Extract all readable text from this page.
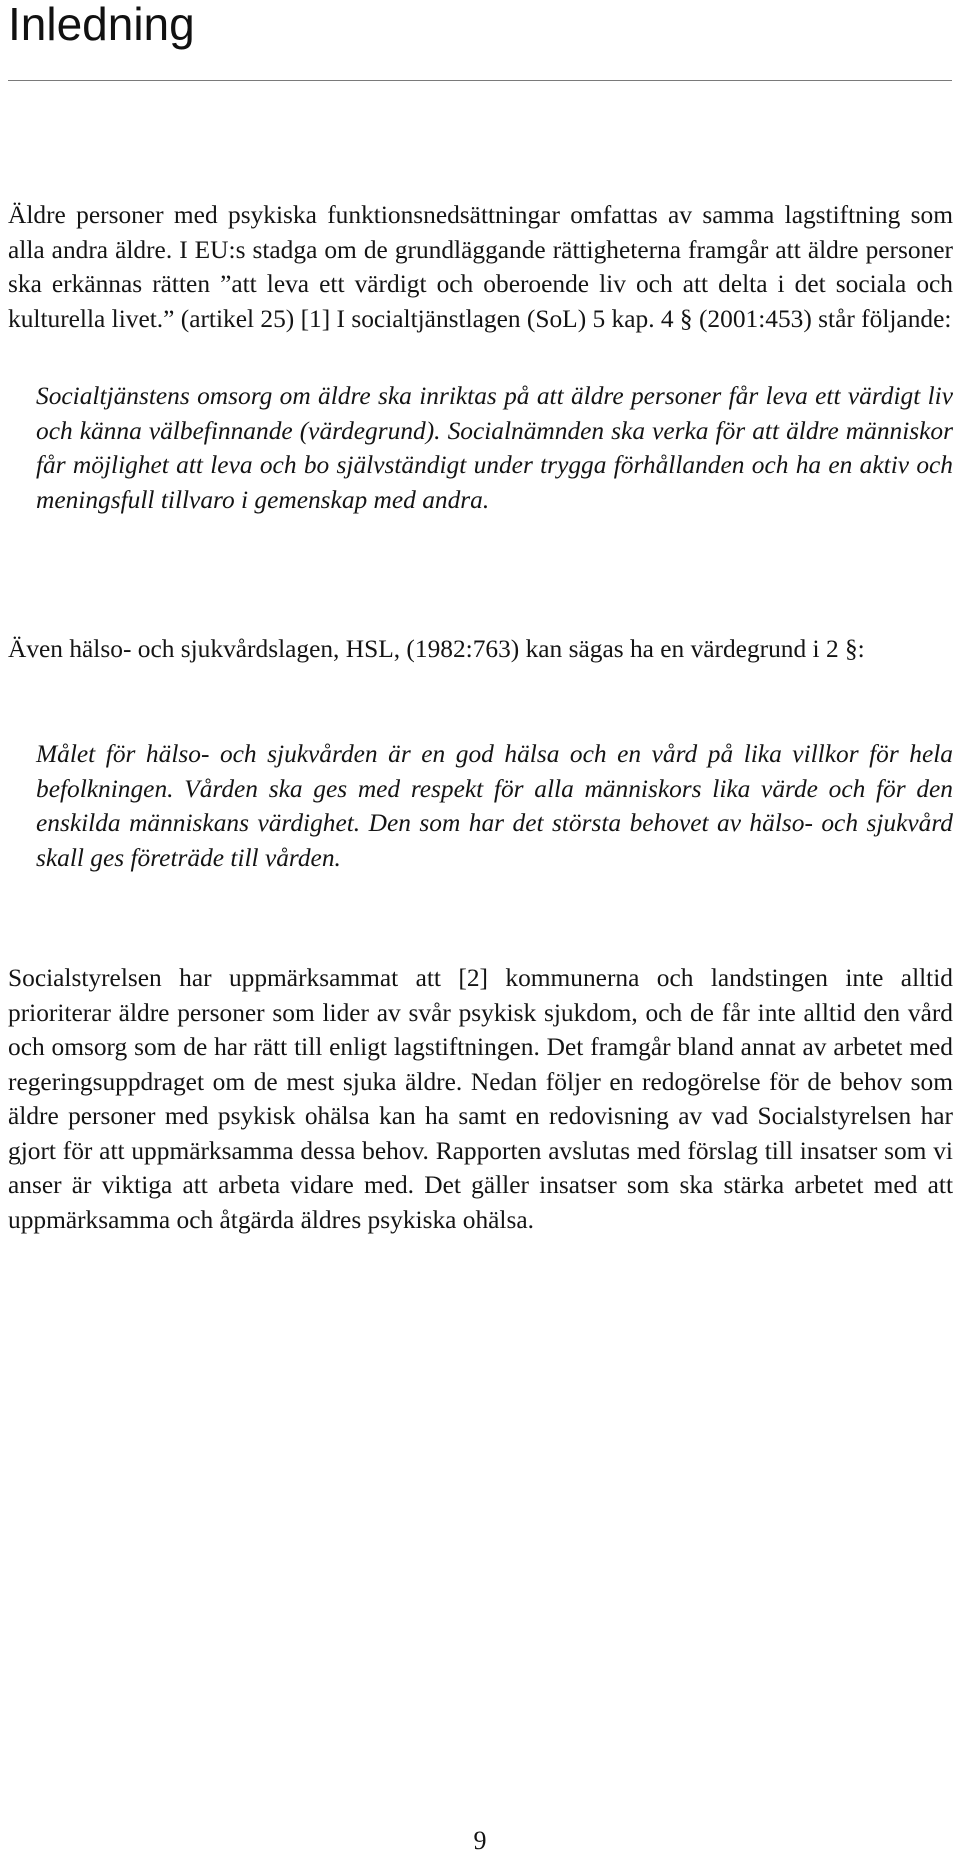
Inledning

Äldre personer med psykiska funktionsnedsättningar omfattas av samma lagstiftning som alla andra äldre. I EU:s stadga om de grundläggande rättigheterna framgår att äldre personer ska erkännas rätten ”att leva ett värdigt och oberoende liv och att delta i det sociala och kulturella livet.” (artikel 25) [1] I socialtjänstlagen (SoL) 5 kap. 4 § (2001:453) står följande:

Socialtjänstens omsorg om äldre ska inriktas på att äldre personer får leva ett värdigt liv och känna välbefinnande (värdegrund). Socialnämnden ska verka för att äldre människor får möjlighet att leva och bo självständigt under trygga förhållanden och ha en aktiv och meningsfull tillvaro i gemenskap med andra.

Även hälso- och sjukvårdslagen, HSL, (1982:763) kan sägas ha en värdegrund i 2 §:

Målet för hälso- och sjukvården är en god hälsa och en vård på lika villkor för hela befolkningen. Vården ska ges med respekt för alla människors lika värde och för den enskilda människans värdighet. Den som har det största behovet av hälso- och sjukvård skall ges företräde till vården.

Socialstyrelsen har uppmärksammat att [2] kommunerna och landstingen inte alltid prioriterar äldre personer som lider av svår psykisk sjukdom, och de får inte alltid den vård och omsorg som de har rätt till enligt lagstiftningen. Det framgår bland annat av arbetet med regeringsuppdraget om de mest sjuka äldre. Nedan följer en redogörelse för de behov som äldre personer med psykisk ohälsa kan ha samt en redovisning av vad Socialstyrelsen har gjort för att uppmärksamma dessa behov. Rapporten avslutas med förslag till insatser som vi anser är viktiga att arbeta vidare med. Det gäller insatser som ska stärka arbetet med att uppmärksamma och åtgärda äldres psykiska ohälsa.

9
